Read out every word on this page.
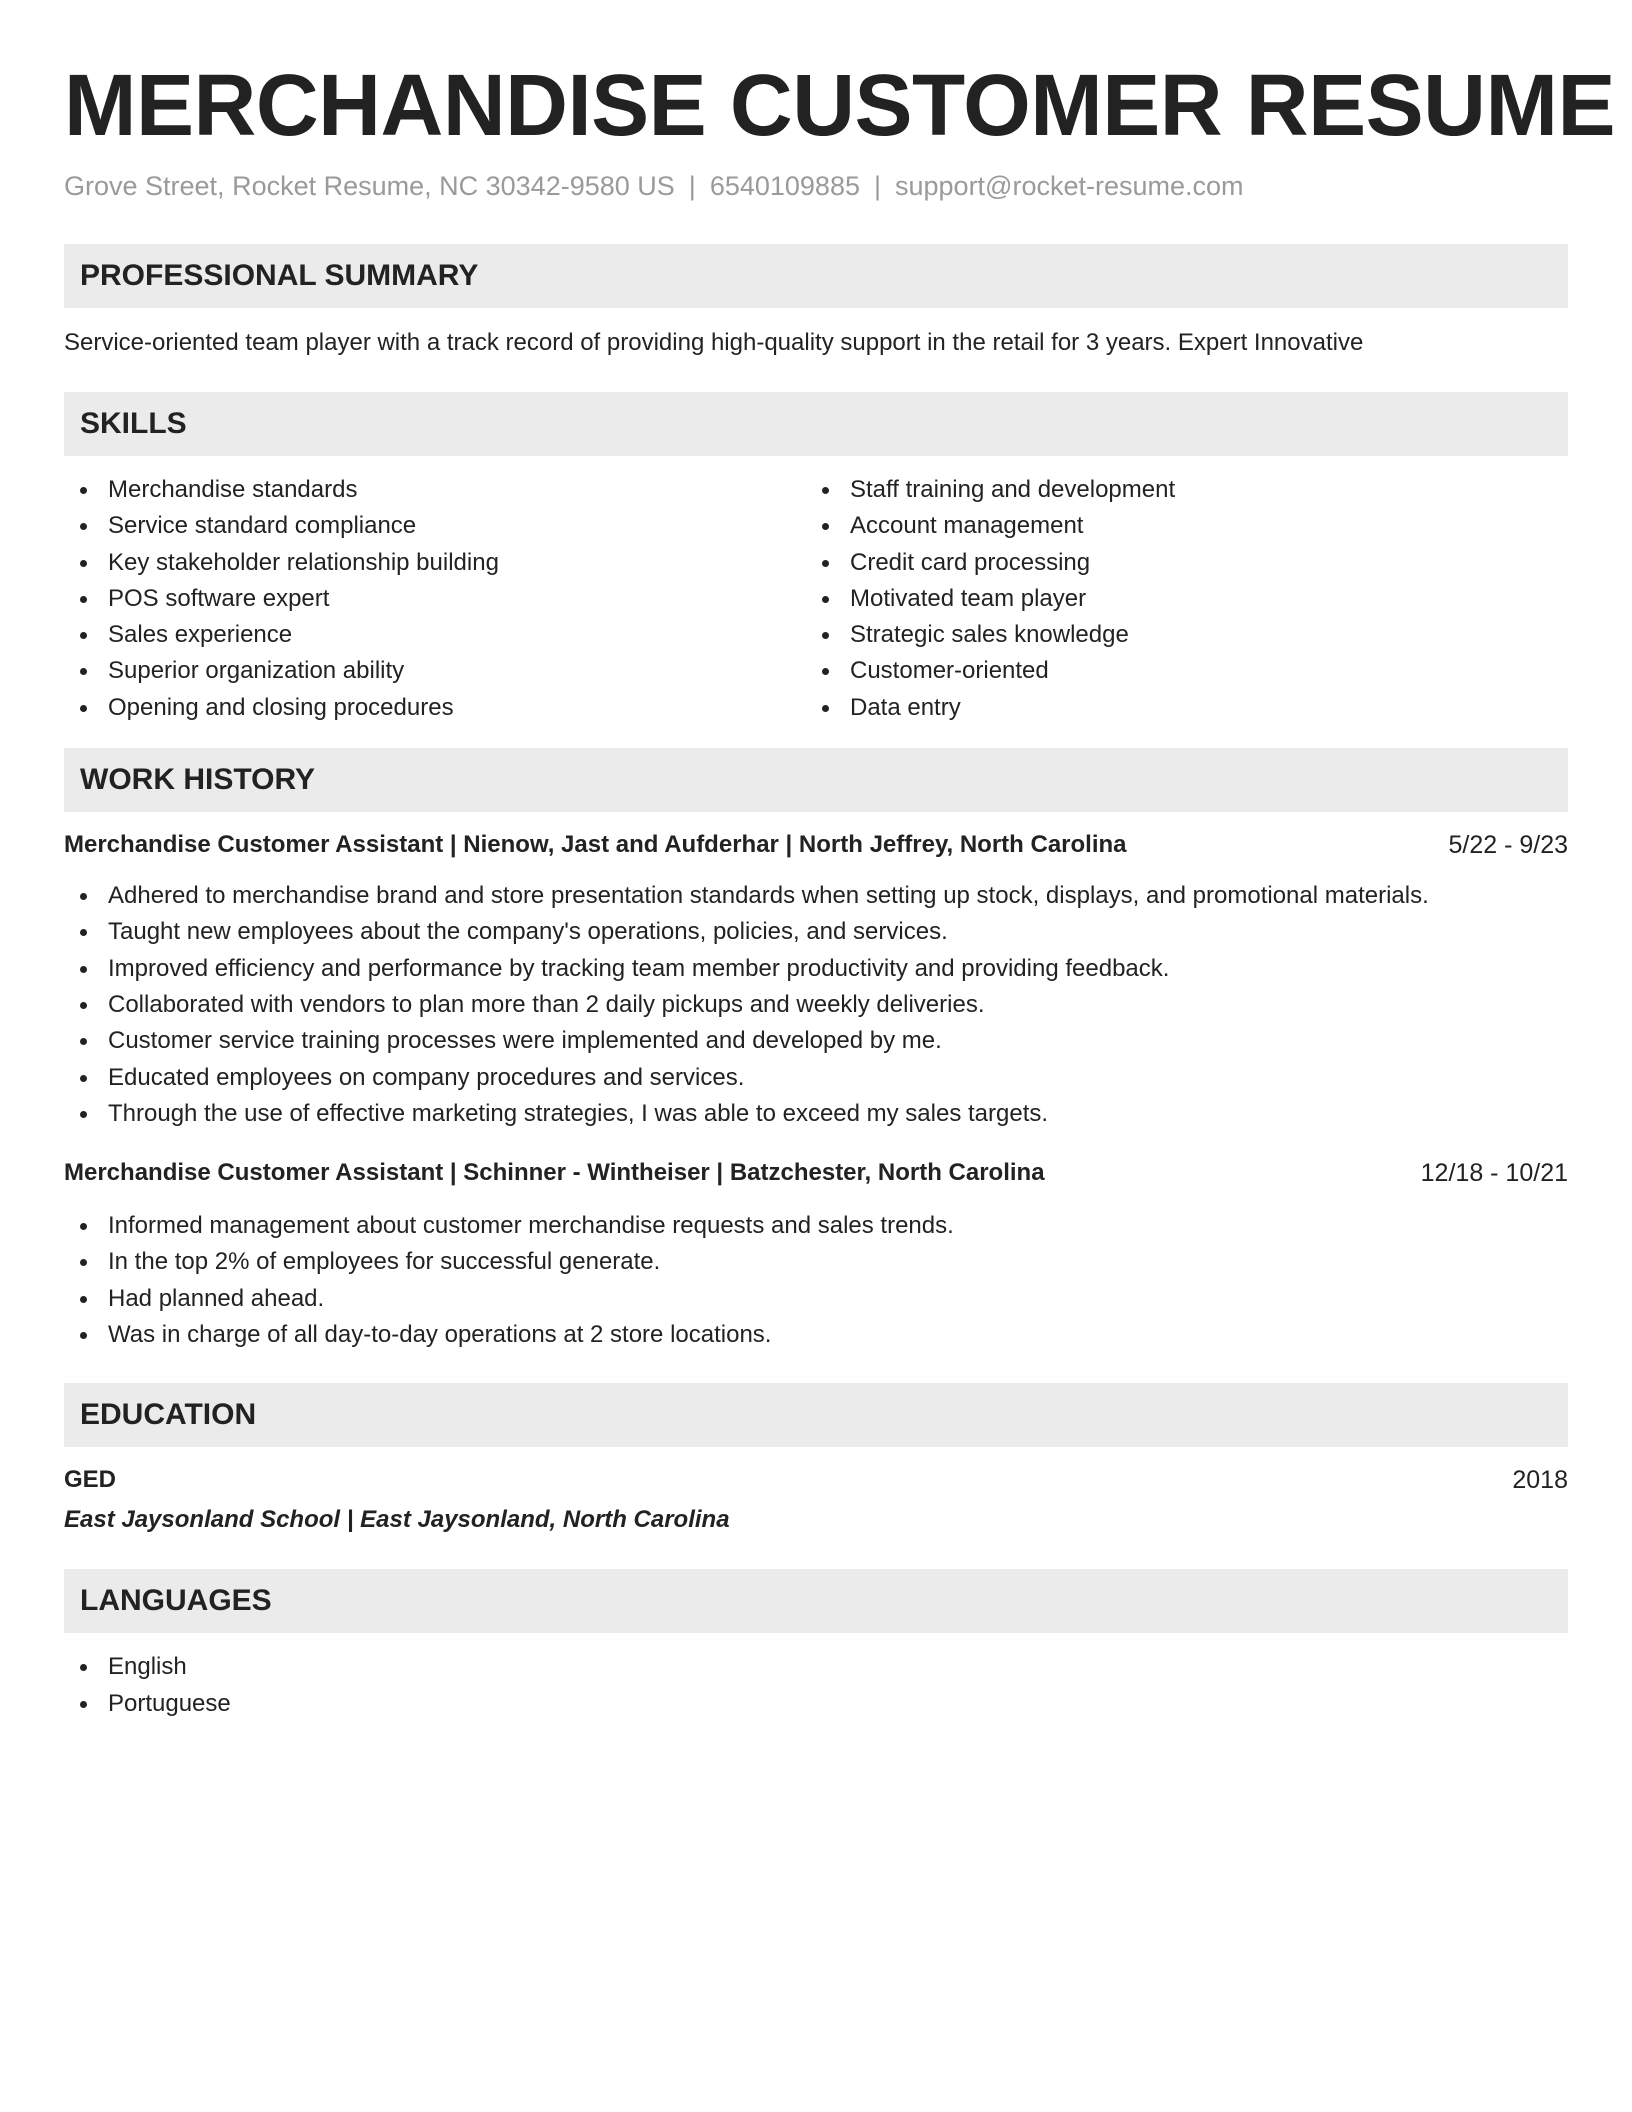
MERCHANDISE CUSTOMER RESUME
Grove Street, Rocket Resume, NC 30342-9580 US | 6540109885 | support@rocket-resume.com
PROFESSIONAL SUMMARY

Service-oriented team player with a track record of providing high-quality support in the retail for 3 years. Expert Innovative

SKILLS
Merchandise standards
Service standard compliance
Key stakeholder relationship building
POS software expert
Sales experience
Superior organization ability
Opening and closing procedures
Staff training and development
Account management
Credit card processing
Motivated team player
Strategic sales knowledge
Customer-oriented
Data entry
WORK HISTORY
Merchandise Customer Assistant | Nienow, Jast and Aufderhar | North Jeffrey, North Carolina	5/22 - 9/23
Adhered to merchandise brand and store presentation standards when setting up stock, displays, and promotional materials.
Taught new employees about the company's operations, policies, and services.
Improved efficiency and performance by tracking team member productivity and providing feedback.
Collaborated with vendors to plan more than 2 daily pickups and weekly deliveries.
Customer service training processes were implemented and developed by me.
Educated employees on company procedures and services.
Through the use of effective marketing strategies, I was able to exceed my sales targets.
Merchandise Customer Assistant | Schinner - Wintheiser | Batzchester, North Carolina	12/18 - 10/21
Informed management about customer merchandise requests and sales trends.
In the top 2% of employees for successful generate.
Had planned ahead.
Was in charge of all day-to-day operations at 2 store locations.
EDUCATION
GED	2018
East Jaysonland School | East Jaysonland, North Carolina
LANGUAGES
English
Portuguese
